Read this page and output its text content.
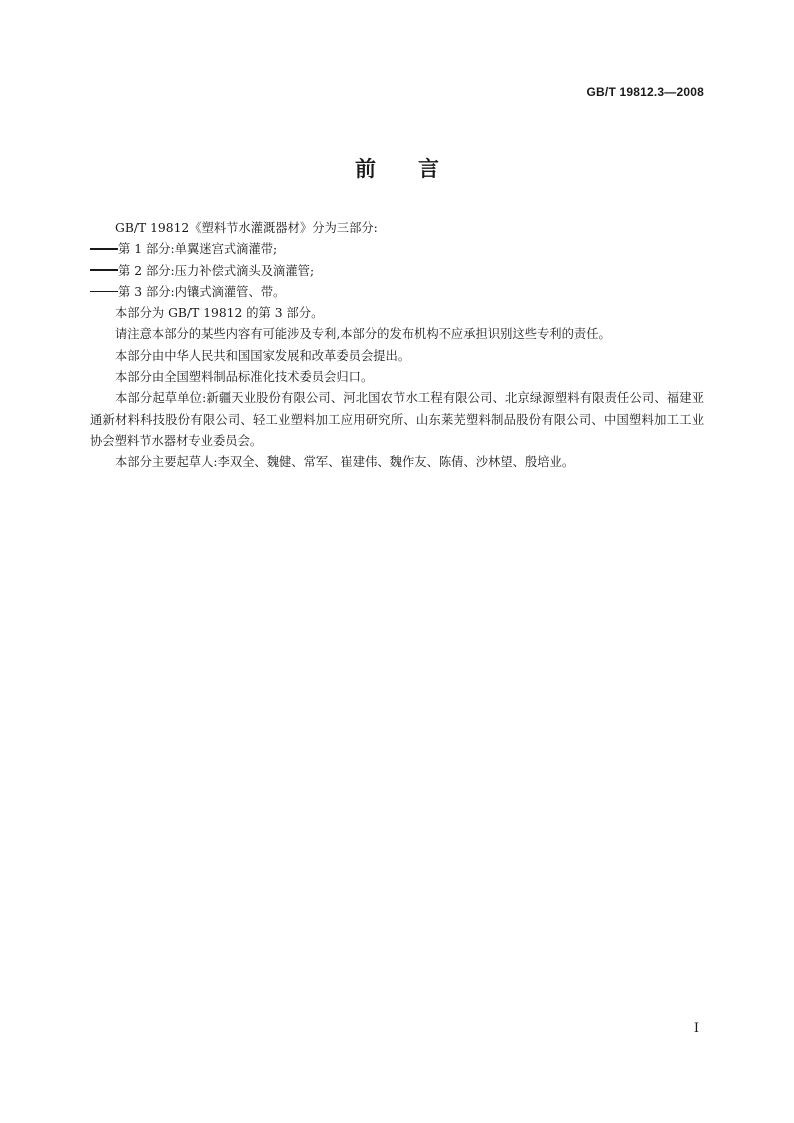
GB/T 19812.3—2008
前 言

GB/T 19812《塑料节水灌溉器材》分为三部分:

第 1 部分:单翼迷宫式滴灌带;

第 2 部分:压力补偿式滴头及滴灌管;

第 3 部分:内镶式滴灌管、带。

本部分为 GB/T 19812 的第 3 部分。

请注意本部分的某些内容有可能涉及专利,本部分的发布机构不应承担识别这些专利的责任。

本部分由中华人民共和国国家发展和改革委员会提出。

本部分由全国塑料制品标准化技术委员会归口。

本部分起草单位:新疆天业股份有限公司、河北国农节水工程有限公司、北京绿源塑料有限责任公司、福建亚通新材料科技股份有限公司、轻工业塑料加工应用研究所、山东莱芜塑料制品股份有限公司、中国塑料加工工业协会塑料节水器材专业委员会。

本部分主要起草人:李双全、魏健、常军、崔建伟、魏作友、陈倩、沙林望、殷培业。

I
